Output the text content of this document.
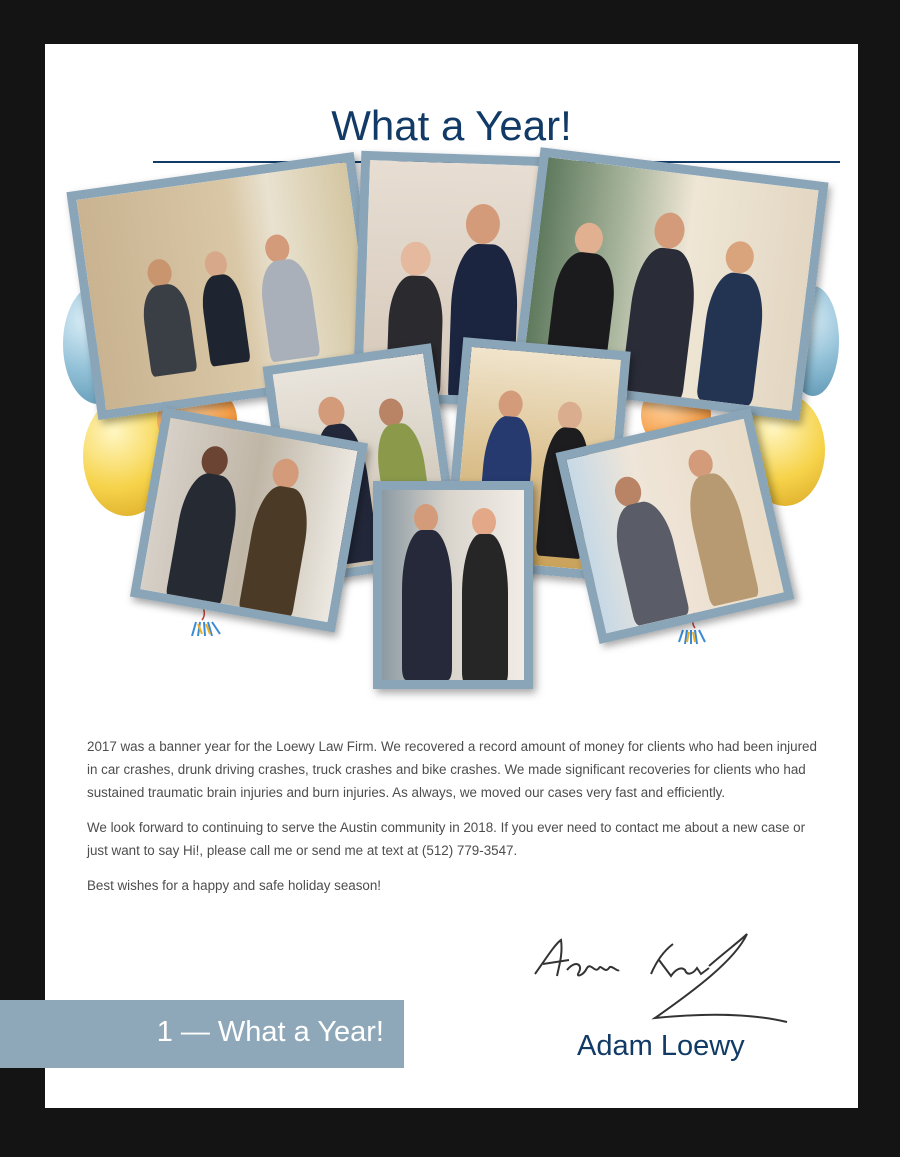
What a Year!

2017 was a banner year for the Loewy Law Firm. We recovered a record amount of money for clients who had been injured in car crashes, drunk driving crashes, truck crashes and bike crashes. We made significant recoveries for clients who had sustained traumatic brain injuries and burn injuries. As always, we moved our cases very fast and efficiently.

We look forward to continuing to serve the Austin community in 2018. If you ever need to contact me about a new case or just want to say Hi!, please call me or send me at text at (512) 779-3547.

Best wishes for a happy and safe holiday season!

Adam Loewy
1 — What a Year!
